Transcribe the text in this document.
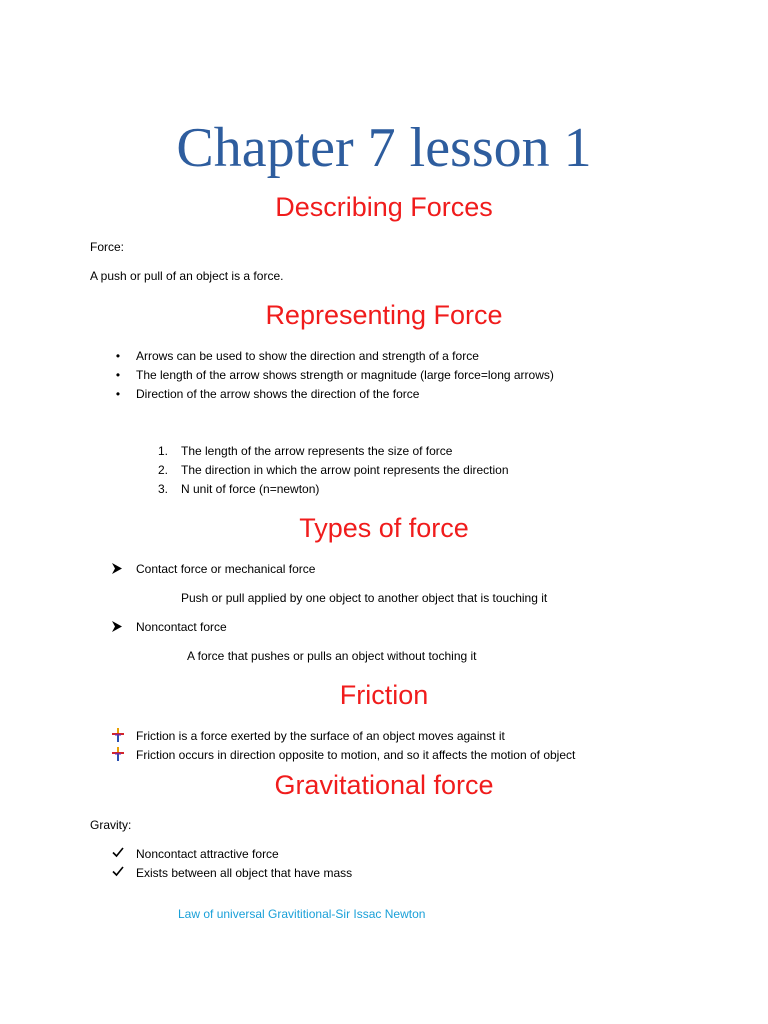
Chapter 7 lesson 1
Describing Forces

Force:

A push or pull of an object is a force.

Representing Force
•	Arrows can be used to show the direction and strength of a force

•	The length of the arrow shows strength or magnitude (large force=long arrows)

•	Direction of the arrow shows the direction of the force

1. The length of the arrow represents the size of force

2. The direction in which the arrow point represents the direction

3. N unit of force (n=newton)

Types of force

Contact force or mechanical force

Push or pull applied by one object to another object that is touching it

Noncontact force

A force that pushes or pulls an object without toching it

Friction

Friction is a force exerted by the surface of an object moves against it

Friction occurs in direction opposite to motion, and so it affects the motion of object

Gravitational force

Gravity:

Noncontact attractive force

Exists between all object that have mass

Law of universal Gravititional-Sir Issac Newton
